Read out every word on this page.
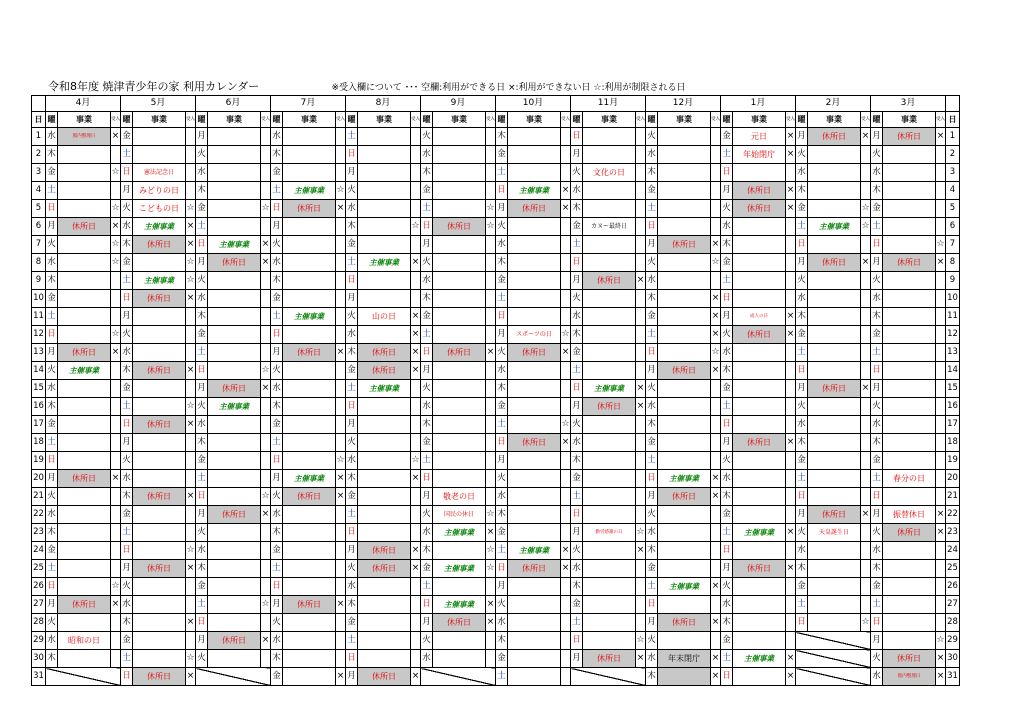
令和8年度 焼津青少年の家 利用カレンダー	※受入欄について ･･･ 空欄:利用ができる日 ×:利用ができない日 ☆:利用が制限される日
	4月			5月			6月			7月			8月			9月			10月			11月			12月			1月			2月			3月			
日	曜	事業	受入	曜	事業	受入	曜	事業	受入	曜	事業	受入	曜	事業	受入	曜	事業	受入	曜	事業	受入	曜	事業	受入	曜	事業	受入	曜	事業	受入	曜	事業	受入	曜	事業	受入	日
1	水	館内整理日	×	金			月			水			土			火			木			日			火			金	元日	×	月	休所日	×	月	休所日	×	1
2	木			土			火			木			日			水			金			月			水			土	年始閉庁	×	火			火			2
3	金		☆	日	憲法記念日		水			金			月			木			土			火	文化の日		木			日			水			水			3
4	土			月	みどりの日		木			土	主催事業	☆	火			金			日	主催事業	×	水			金			月	休所日	×	木			木			4
5	日		☆	火	こどもの日	☆	金		☆	日	休所日	×	水			土		☆	月	休所日	×	木			土			火	休所日	×	金		☆	金			5
6	月	休所日	×	水	主催事業	×	土			月			木		☆	日	休所日	☆	火			金	カヌー最終日		日			水			土	主催事業	☆	土			6
7	火		☆	木	休所日	×	日	主催事業	×	火			金			月			水			土			月	休所日	×	木			日			日		☆	7
8	水		☆	金		☆	月	休所日	×	水			土	主催事業	×	火			木			日			火		☆	金			月	休所日	×	月	休所日	×	8
9	木			土	主催事業	☆	火			木			日			水			金			月	休所日	×	水			土			火			火			9
10	金			日	休所日	×	水			金			月			木			土			火			木		×	日			水			水			10
11	土			月			木			土	主催事業		火	山の日	×	金			日			水			金		×	月	成人の日	×	木			木			11
12	日		☆	火			金			日			水		×	土			月	スポーツの日	☆	木			土		×	火	休所日	×	金			金			12
13	月	休所日	×	水			土			月	休所日	×	木	休所日	×	日	休所日	×	火	休所日	×	金			日		☆	水			土			土			13
14	火	主催事業		木	休所日	×	日		☆	火			金	休所日	×	月			水			土			月	休所日	×	木			日			日			14
15	水			金			月	休所日	×	水			土	主催事業		火			木			日	主催事業	×	火			金			月	休所日	×	月			15
16	木			土		☆	火	主催事業		木			日			水			金			月	休所日	×	水			土			火			火			16
17	金			日	休所日	×	水			金			月			木			土		☆	火			木			日			水			水			17
18	土			月			木			土			火			金			日	休所日	×	水			金			月	休所日	×	木			木			18
19	日			火			金			日		☆	水		☆	土			月			木			土			火			金			金			19
20	月	休所日	×	水			土			月	主催事業	×	木		×	日			火			金			日	主催事業	×	水			土			土	春分の日		20
21	火			木	休所日	×	日		☆	火	休所日	×	金			月	敬老の日		水			土			月	休所日	×	木			日			日			21
22	水			金			月	休所日	×	水			土			火	国民の休日	☆	木			日			火			金			月	休所日	×	月	振替休日	×	22
23	木			土			火			木			日			水	主催事業	×	金			月	勤労感謝の日	☆	水			土	主催事業	×	火	天皇誕生日		火	休所日	×	23
24	金			日		☆	水			金			月	休所日	×	木		☆	土	主催事業	×	火		×	木			日			水			水			24
25	土			月	休所日	×	木			土			火	休所日	×	金	主催事業	☆	日	休所日	×	水			金			月	休所日	×	木			木			25
26	日		☆	火			金			日			水			土			月			木			土	主催事業	×	火			金			金			26
27	月	休所日	×	水			土		☆	月	休所日	×	木			日	主催事業	×	火			金			日			水			土			土			27
28	火			木		×	日			火			金			月	休所日	×	水			土			月	休所日	×	木			日		☆	日			28
29	水	昭和の日		金			月	休所日	×	水			土			火			木			日		☆	火			金						月		☆	29
30	木			土		☆	火			木			日			水			金			月	休所日	×	水	年末閉庁	×	土	主催事業	×				火	休所日	×	30
31				日	休所日	×				金		×	月	休所日	×				土						木		×	日		×				水	館内整理日	×	31
